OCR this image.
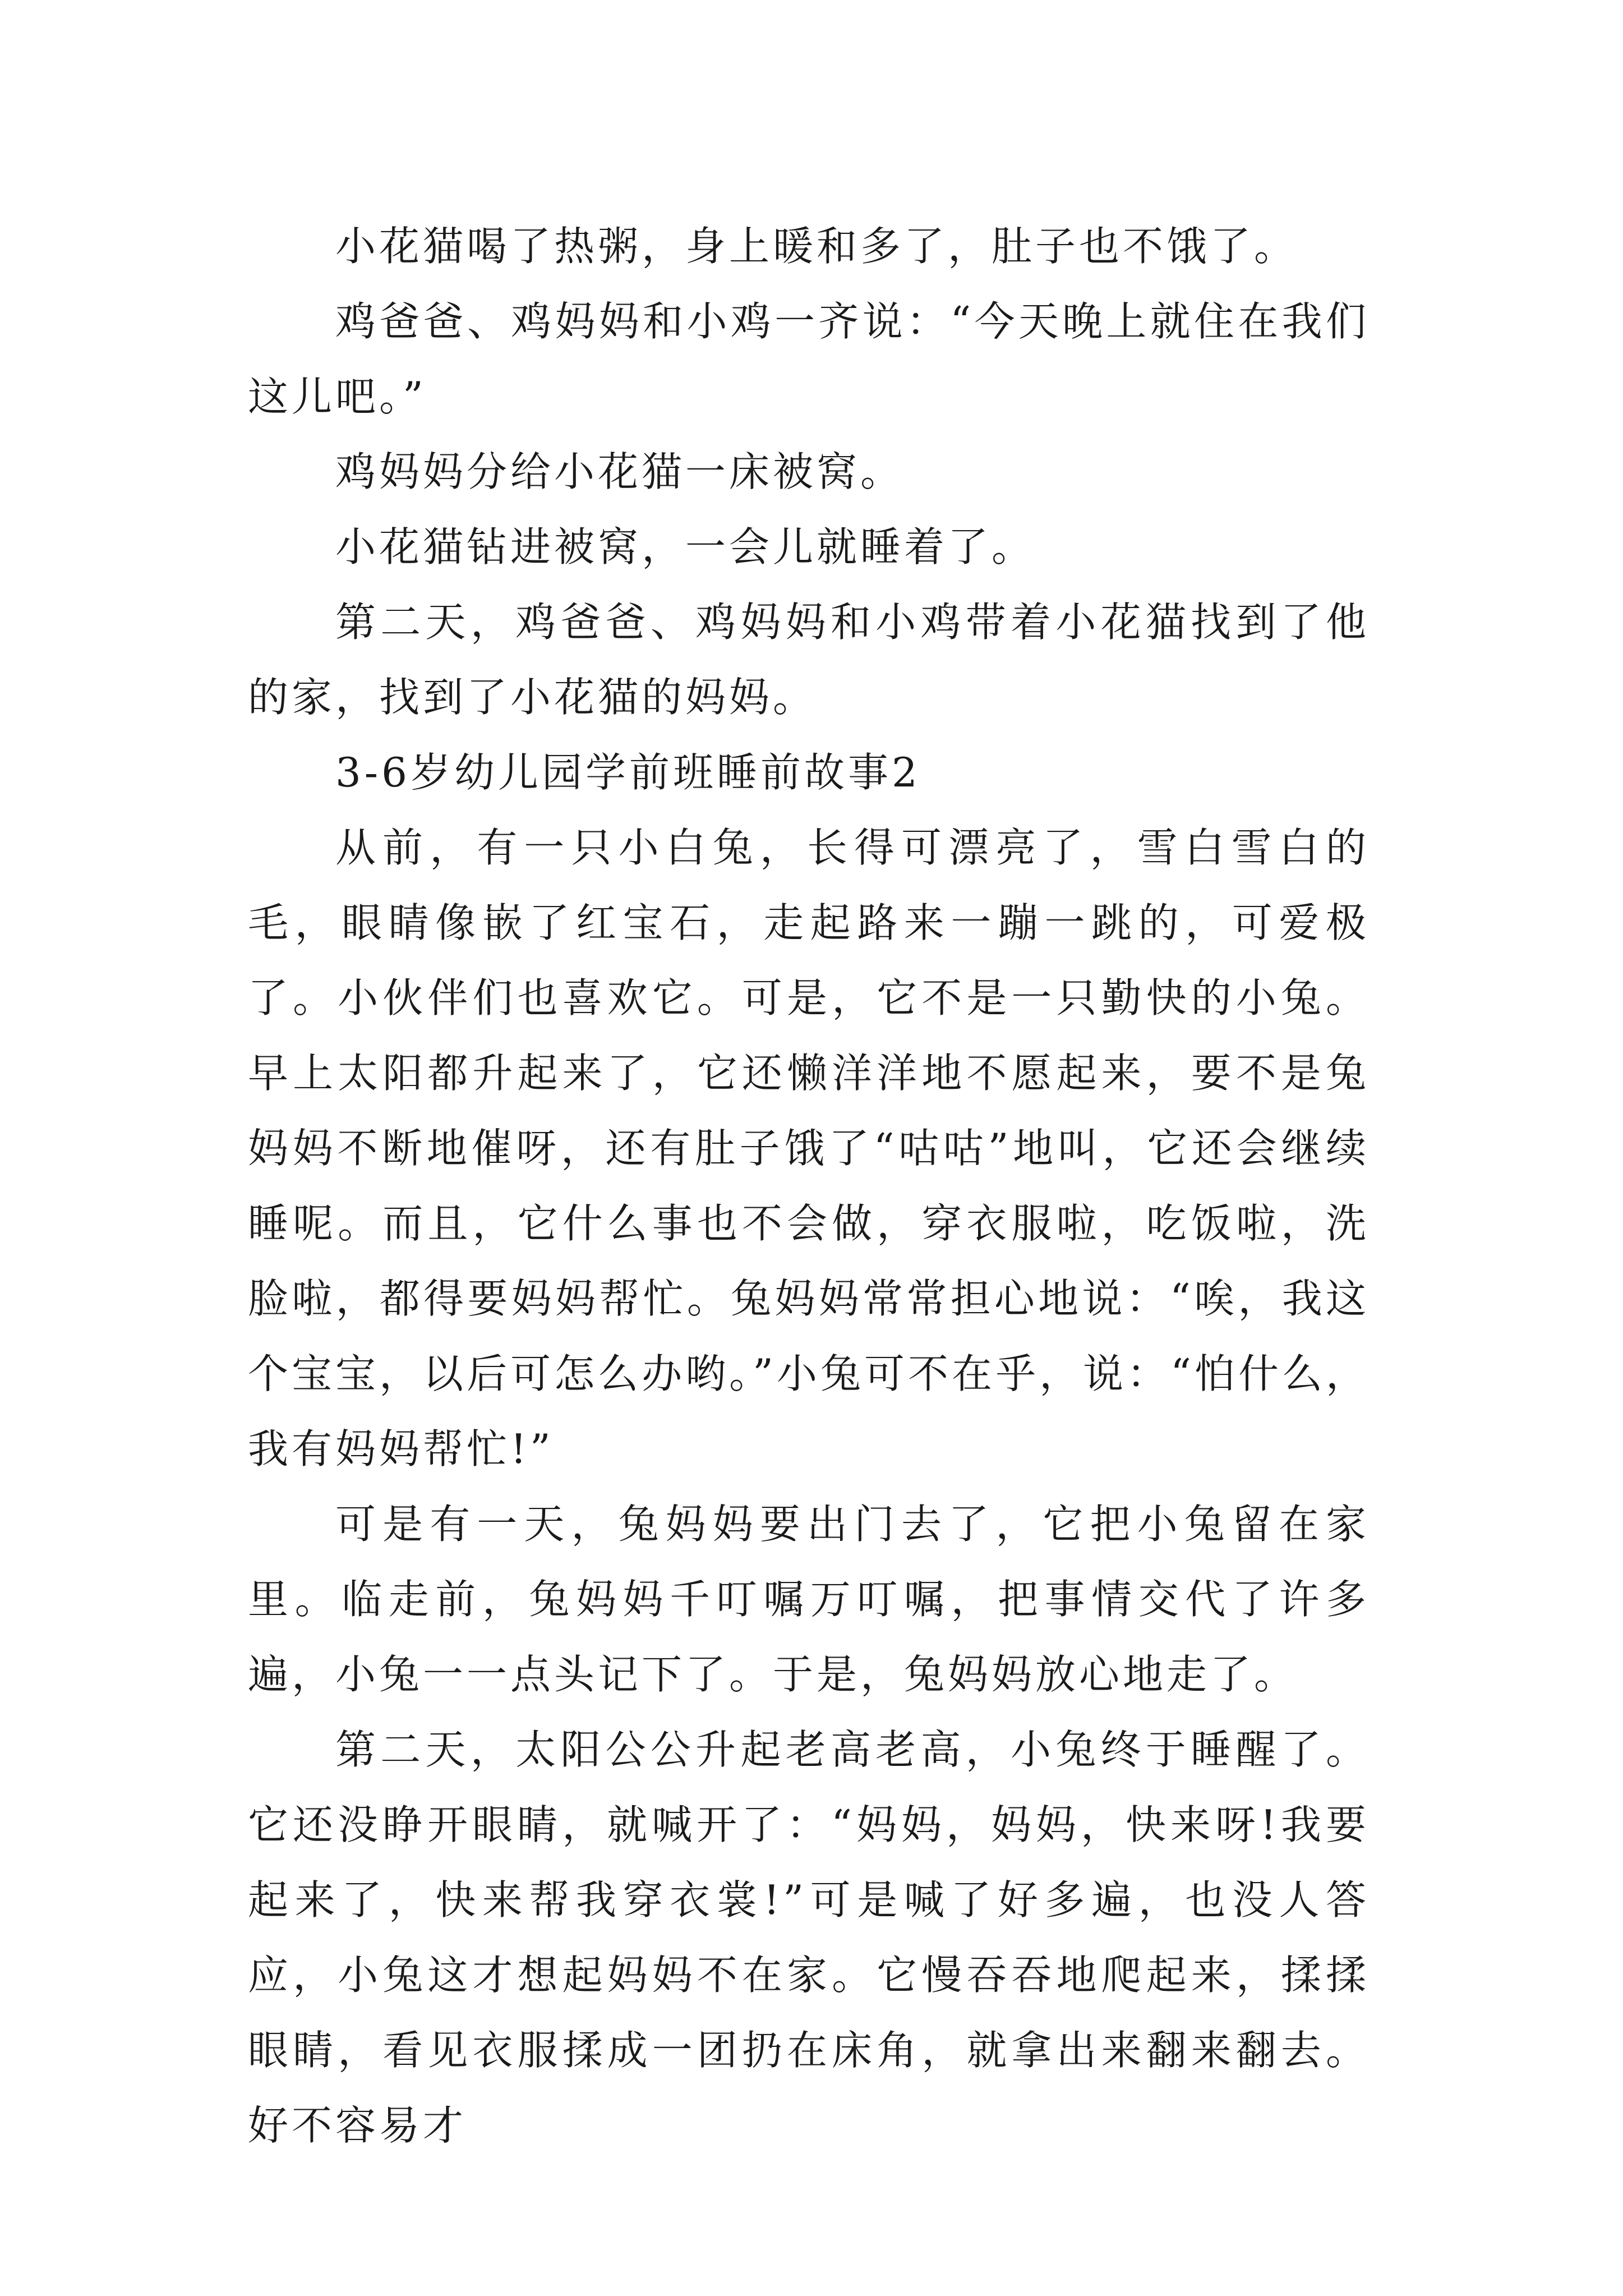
小花猫喝了热粥，身上暖和多了，肚子也不饿了。

鸡爸爸、鸡妈妈和小鸡一齐说：“今天晚上就住在我们这儿吧。”

鸡妈妈分给小花猫一床被窝。

小花猫钻进被窝，一会儿就睡着了。

第二天，鸡爸爸、鸡妈妈和小鸡带着小花猫找到了他的家，找到了小花猫的妈妈。

3-6岁幼儿园学前班睡前故事2

从前，有一只小白兔，长得可漂亮了，雪白雪白的毛，眼睛像嵌了红宝石，走起路来一蹦一跳的，可爱极了。小伙伴们也喜欢它。可是，它不是一只勤快的小兔。早上太阳都升起来了，它还懒洋洋地不愿起来，要不是兔妈妈不断地催呀，还有肚子饿了“咕咕”地叫，它还会继续睡呢。而且，它什么事也不会做，穿衣服啦，吃饭啦，洗脸啦，都得要妈妈帮忙。兔妈妈常常担心地说：“唉，我这个宝宝，以后可怎么办哟。”小兔可不在乎，说：“怕什么，我有妈妈帮忙!”

可是有一天，兔妈妈要出门去了，它把小兔留在家里。临走前，兔妈妈千叮嘱万叮嘱，把事情交代了许多遍，小兔一一点头记下了。于是，兔妈妈放心地走了。

第二天，太阳公公升起老高老高，小兔终于睡醒了。它还没睁开眼睛，就喊开了：“妈妈，妈妈，快来呀!我要起来了，快来帮我穿衣裳!”可是喊了好多遍，也没人答应，小兔这才想起妈妈不在家。它慢吞吞地爬起来，揉揉眼睛，看见衣服揉成一团扔在床角，就拿出来翻来翻去。好不容易才
